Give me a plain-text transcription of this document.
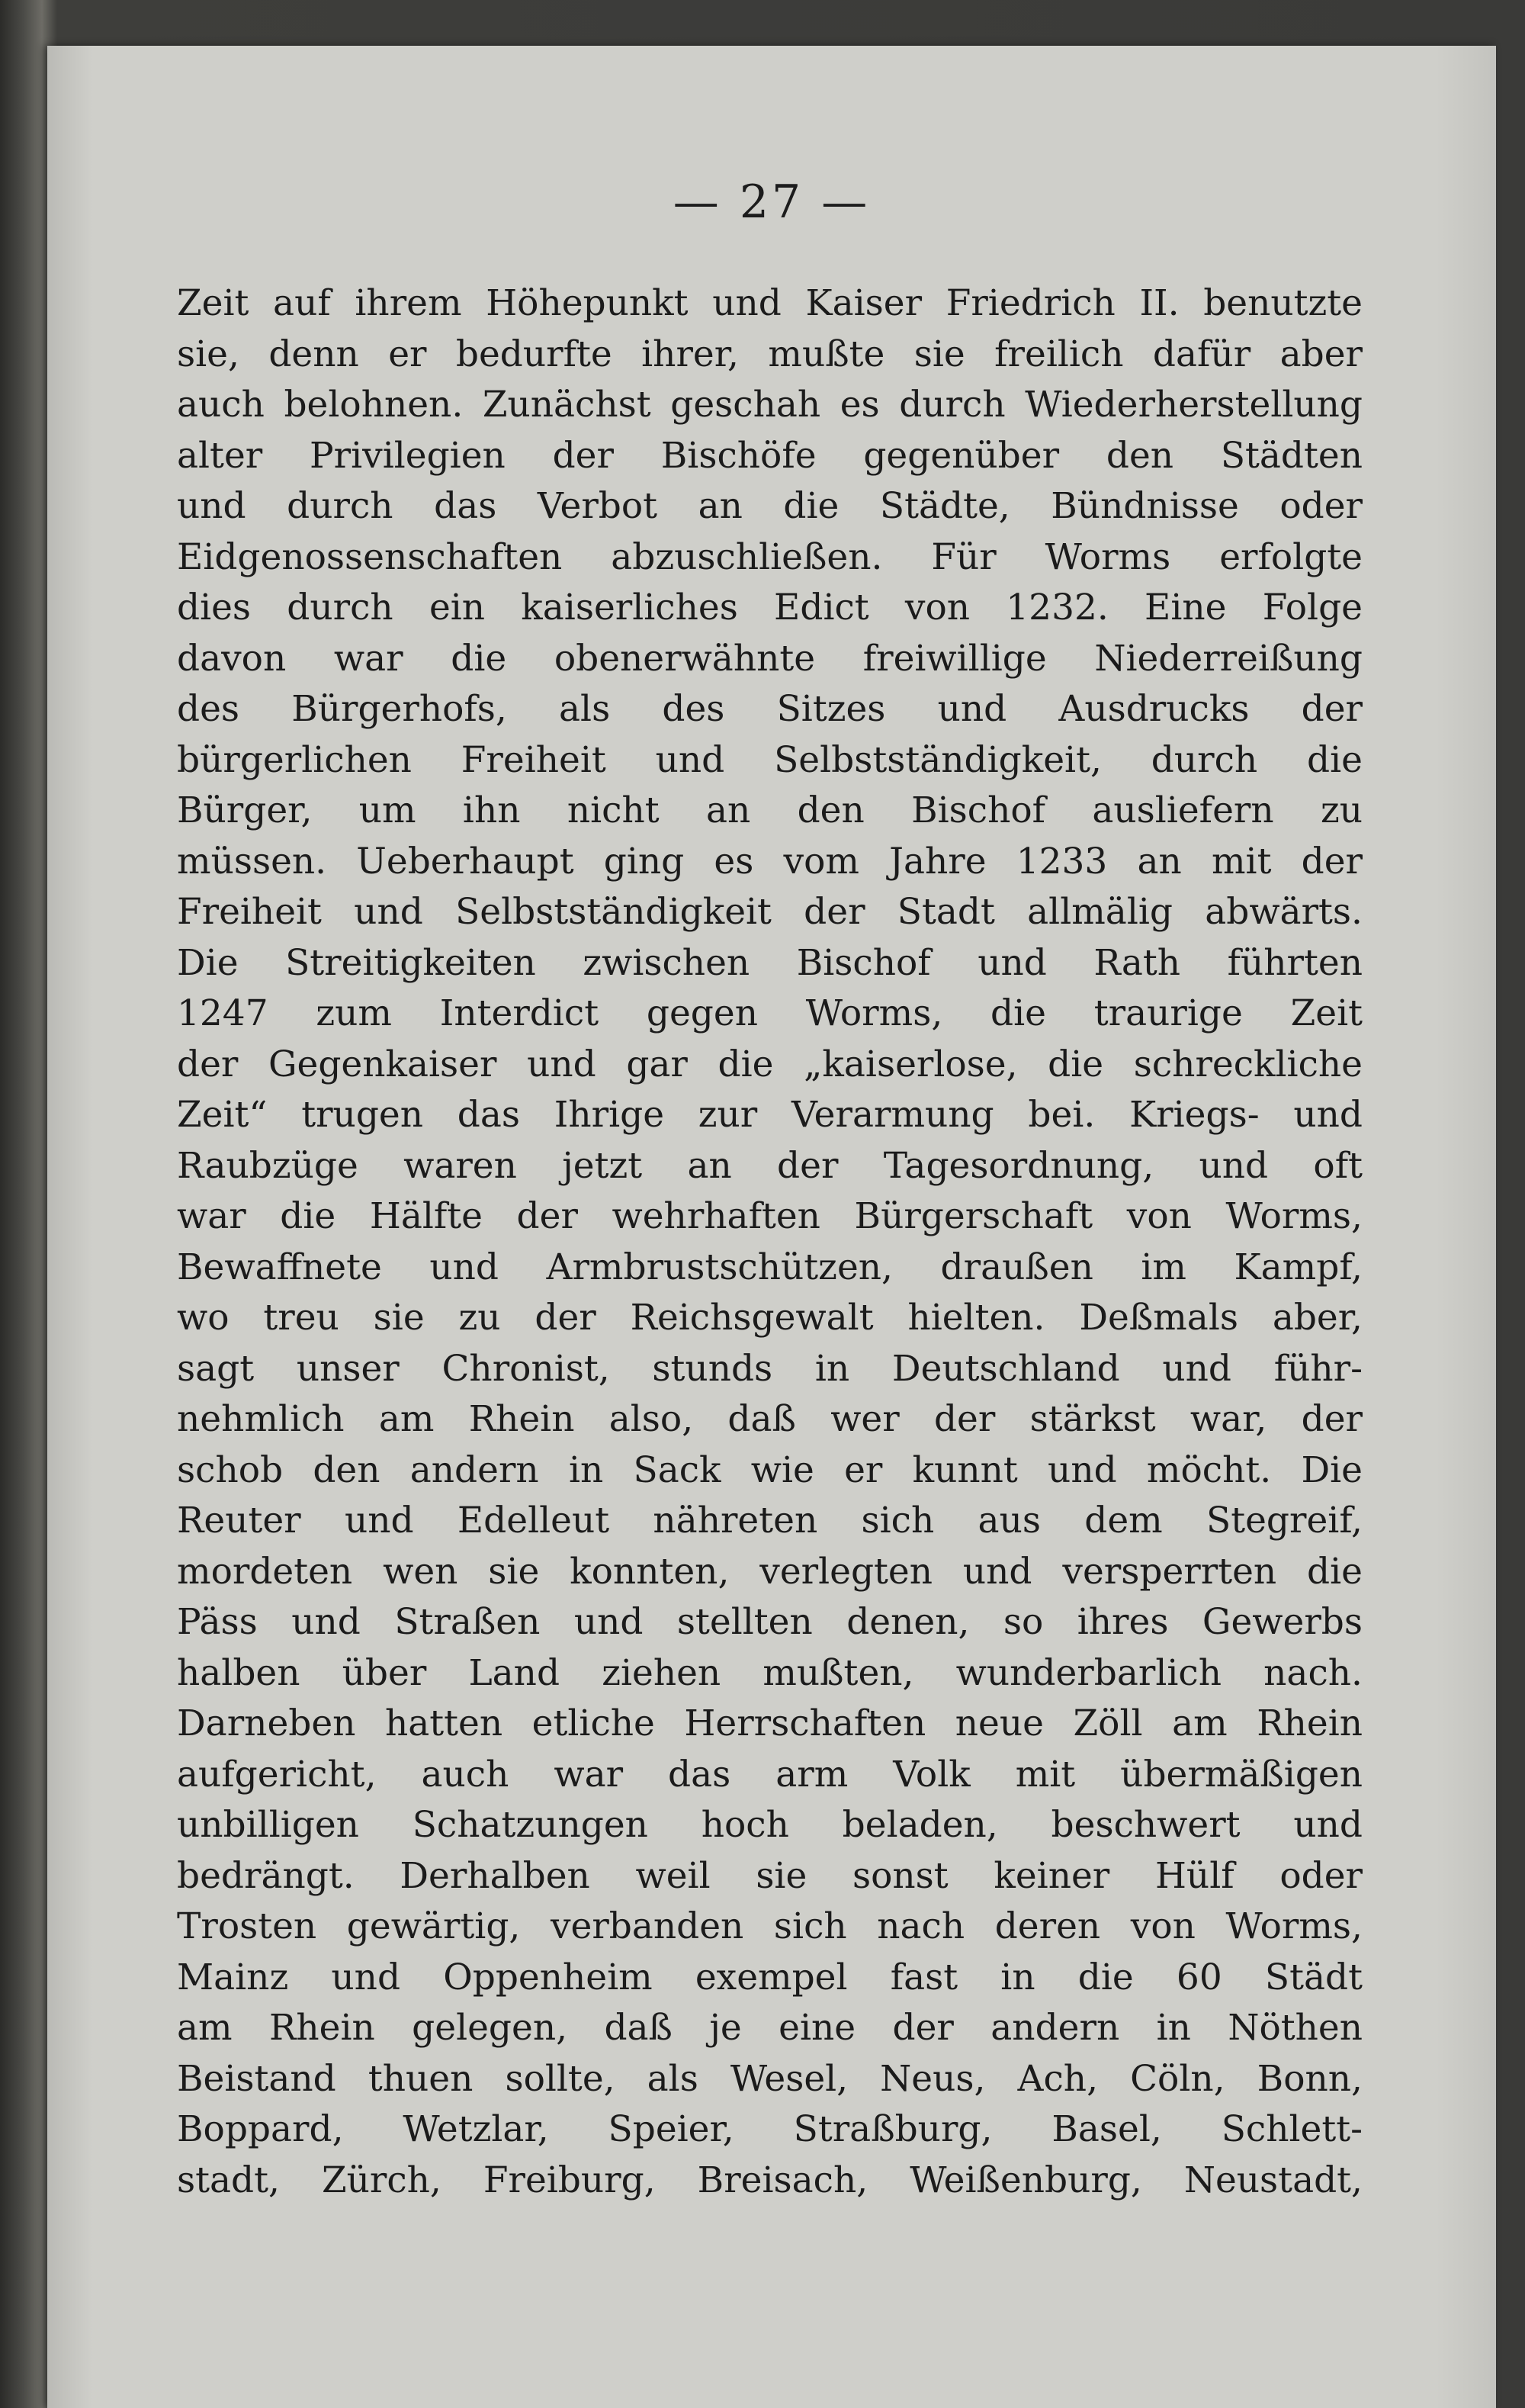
— 27 —
Zeit auf ihrem Höhepunkt und Kaiser Friedrich II. benutzte
sie, denn er bedurfte ihrer, mußte sie freilich dafür aber
auch belohnen. Zunächst geschah es durch Wiederherstellung
alter Privilegien der Bischöfe gegenüber den Städten
und durch das Verbot an die Städte, Bündnisse oder
Eidgenossenschaften abzuschließen. Für Worms erfolgte
dies durch ein kaiserliches Edict von 1232. Eine Folge
davon war die obenerwähnte freiwillige Niederreißung
des Bürgerhofs, als des Sitzes und Ausdrucks der
bürgerlichen Freiheit und Selbstständigkeit, durch die
Bürger, um ihn nicht an den Bischof ausliefern zu
müssen. Ueberhaupt ging es vom Jahre 1233 an mit der
Freiheit und Selbstständigkeit der Stadt allmälig abwärts.
Die Streitigkeiten zwischen Bischof und Rath führten
1247 zum Interdict gegen Worms, die traurige Zeit
der Gegenkaiser und gar die „kaiserlose, die schreckliche
Zeit“ trugen das Ihrige zur Verarmung bei. Kriegs- und
Raubzüge waren jetzt an der Tagesordnung, und oft
war die Hälfte der wehrhaften Bürgerschaft von Worms,
Bewaffnete und Armbrustschützen, draußen im Kampf,
wo treu sie zu der Reichsgewalt hielten. Deßmals aber,
sagt unser Chronist, stunds in Deutschland und führ-
nehmlich am Rhein also, daß wer der stärkst war, der
schob den andern in Sack wie er kunnt und möcht. Die
Reuter und Edelleut nähreten sich aus dem Stegreif,
mordeten wen sie konnten, verlegten und versperrten die
Päss und Straßen und stellten denen, so ihres Gewerbs
halben über Land ziehen mußten, wunderbarlich nach.
Darneben hatten etliche Herrschaften neue Zöll am Rhein
aufgericht, auch war das arm Volk mit übermäßigen
unbilligen Schatzungen hoch beladen, beschwert und
bedrängt. Derhalben weil sie sonst keiner Hülf oder
Trosten gewärtig, verbanden sich nach deren von Worms,
Mainz und Oppenheim exempel fast in die 60 Städt
am Rhein gelegen, daß je eine der andern in Nöthen
Beistand thuen sollte, als Wesel, Neus, Ach, Cöln, Bonn,
Boppard, Wetzlar, Speier, Straßburg, Basel, Schlett-
stadt, Zürch, Freiburg, Breisach, Weißenburg, Neustadt,
